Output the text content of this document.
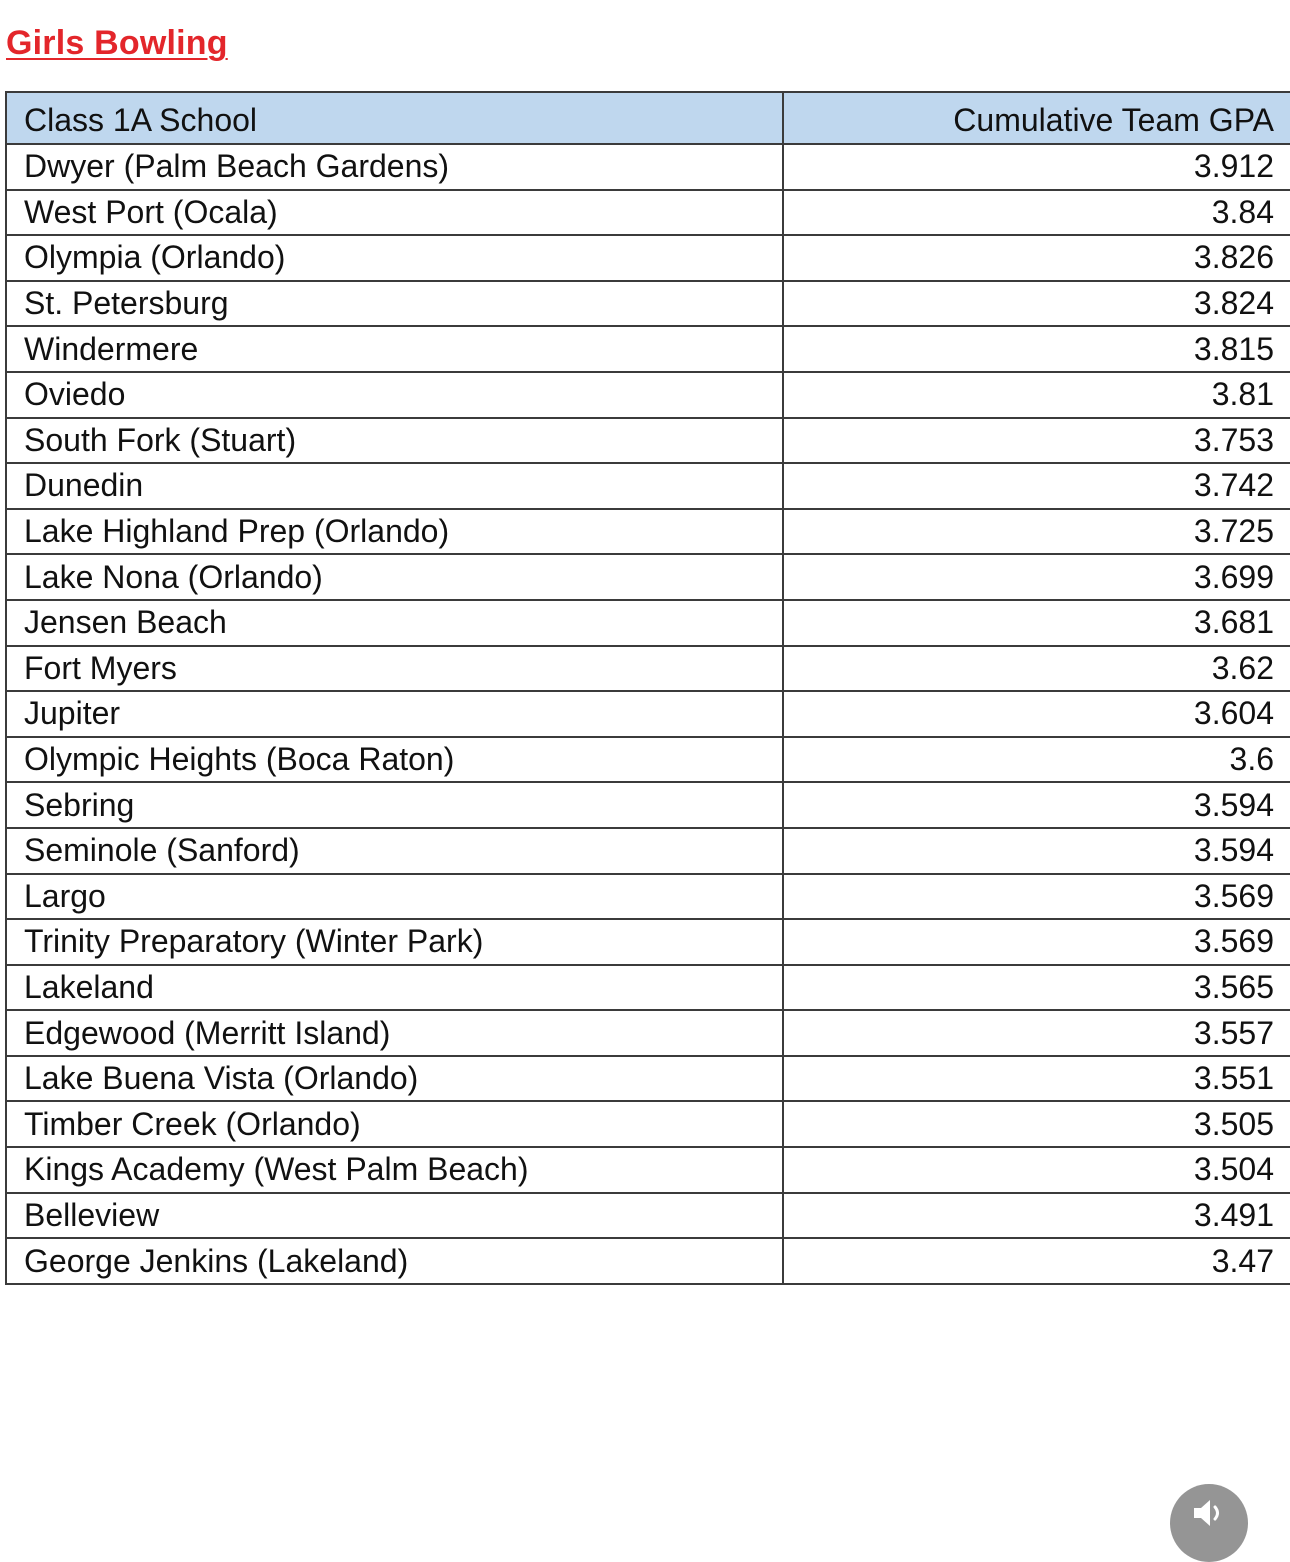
Girls Bowling
Class 1A School	Cumulative Team GPA
Dwyer (Palm Beach Gardens)	3.912
West Port (Ocala)	3.84
Olympia (Orlando)	3.826
St. Petersburg	3.824
Windermere	3.815
Oviedo	3.81
South Fork (Stuart)	3.753
Dunedin	3.742
Lake Highland Prep (Orlando)	3.725
Lake Nona (Orlando)	3.699
Jensen Beach	3.681
Fort Myers	3.62
Jupiter	3.604
Olympic Heights (Boca Raton)	3.6
Sebring	3.594
Seminole (Sanford)	3.594
Largo	3.569
Trinity Preparatory (Winter Park)	3.569
Lakeland	3.565
Edgewood (Merritt Island)	3.557
Lake Buena Vista (Orlando)	3.551
Timber Creek (Orlando)	3.505
Kings Academy (West Palm Beach)	3.504
Belleview	3.491
George Jenkins (Lakeland)	3.47
